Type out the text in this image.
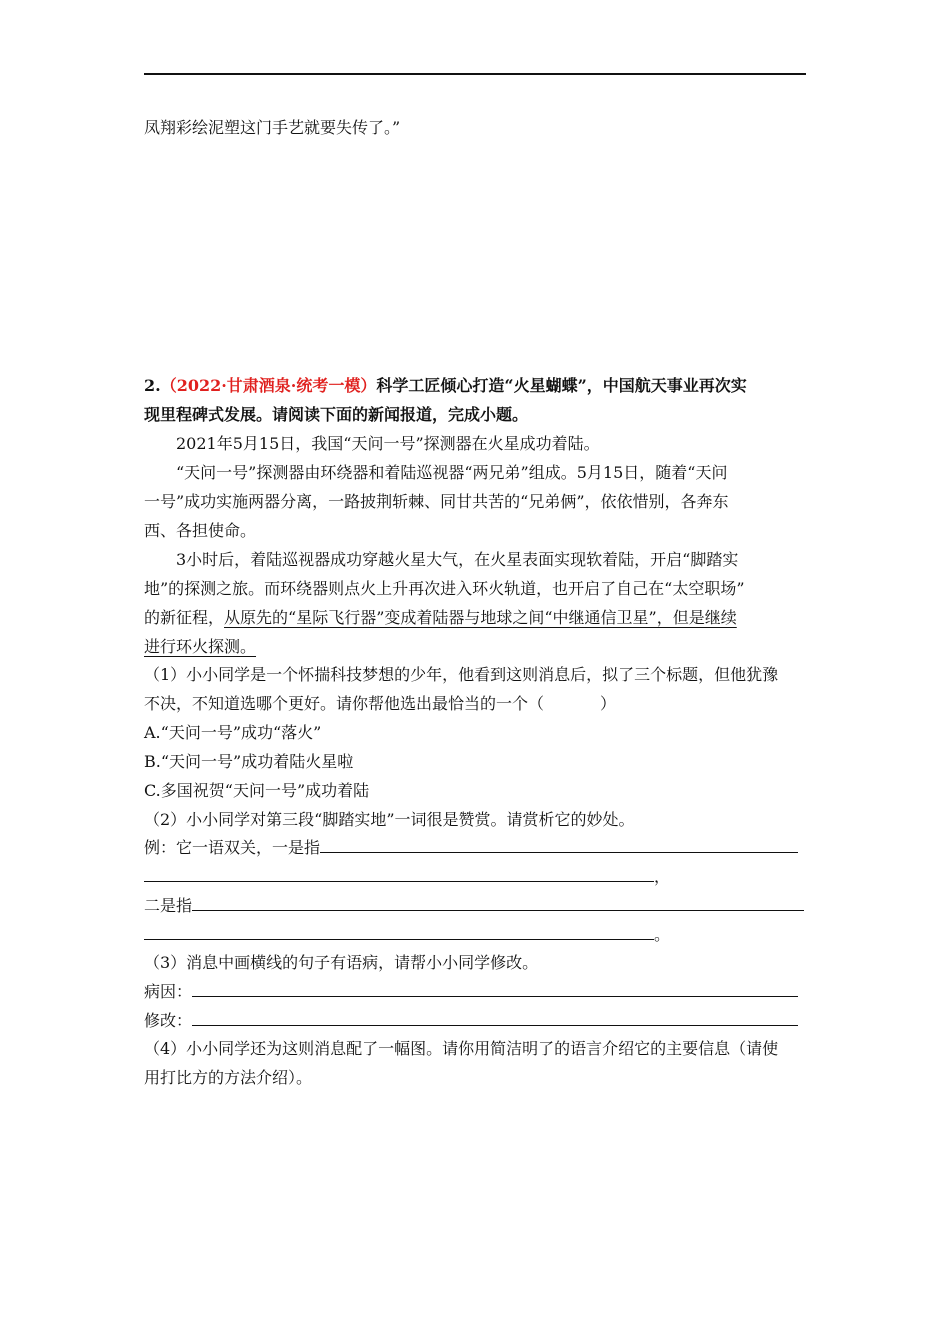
凤翔彩绘泥塑这门手艺就要失传了。”
2.（2022·甘肃酒泉·统考一模）科学工匠倾心打造“火星蝴蝶”，中国航天事业再次实
现里程碑式发展。请阅读下面的新闻报道，完成小题。
2021年5月15日，我国“天问一号”探测器在火星成功着陆。
“天问一号”探测器由环绕器和着陆巡视器“两兄弟”组成。5月15日，随着“天问
一号”成功实施两器分离，一路披荆斩棘、同甘共苦的“兄弟俩”，依依惜别，各奔东
西、各担使命。
3小时后，着陆巡视器成功穿越火星大气，在火星表面实现软着陆，开启“脚踏实
地”的探测之旅。而环绕器则点火上升再次进入环火轨道，也开启了自己在“太空职场”
的新征程，从原先的“星际飞行器”变成着陆器与地球之间“中继通信卫星”，但是继续
进行环火探测。
（1）小小同学是一个怀揣科技梦想的少年，他看到这则消息后，拟了三个标题，但他犹豫
不决，不知道选哪个更好。请你帮他选出最恰当的一个（	）
A.“天问一号”成功“落火”
B.“天问一号”成功着陆火星啦
C.多国祝贺“天问一号”成功着陆
（2）小小同学对第三段“脚踏实地”一词很是赞赏。请赏析它的妙处。
例：它一语双关，一是指
，
二是指
。
（3）消息中画横线的句子有语病，请帮小小同学修改。
病因：
修改：
（4）小小同学还为这则消息配了一幅图。请你用简洁明了的语言介绍它的主要信息（请使
用打比方的方法介绍）。
